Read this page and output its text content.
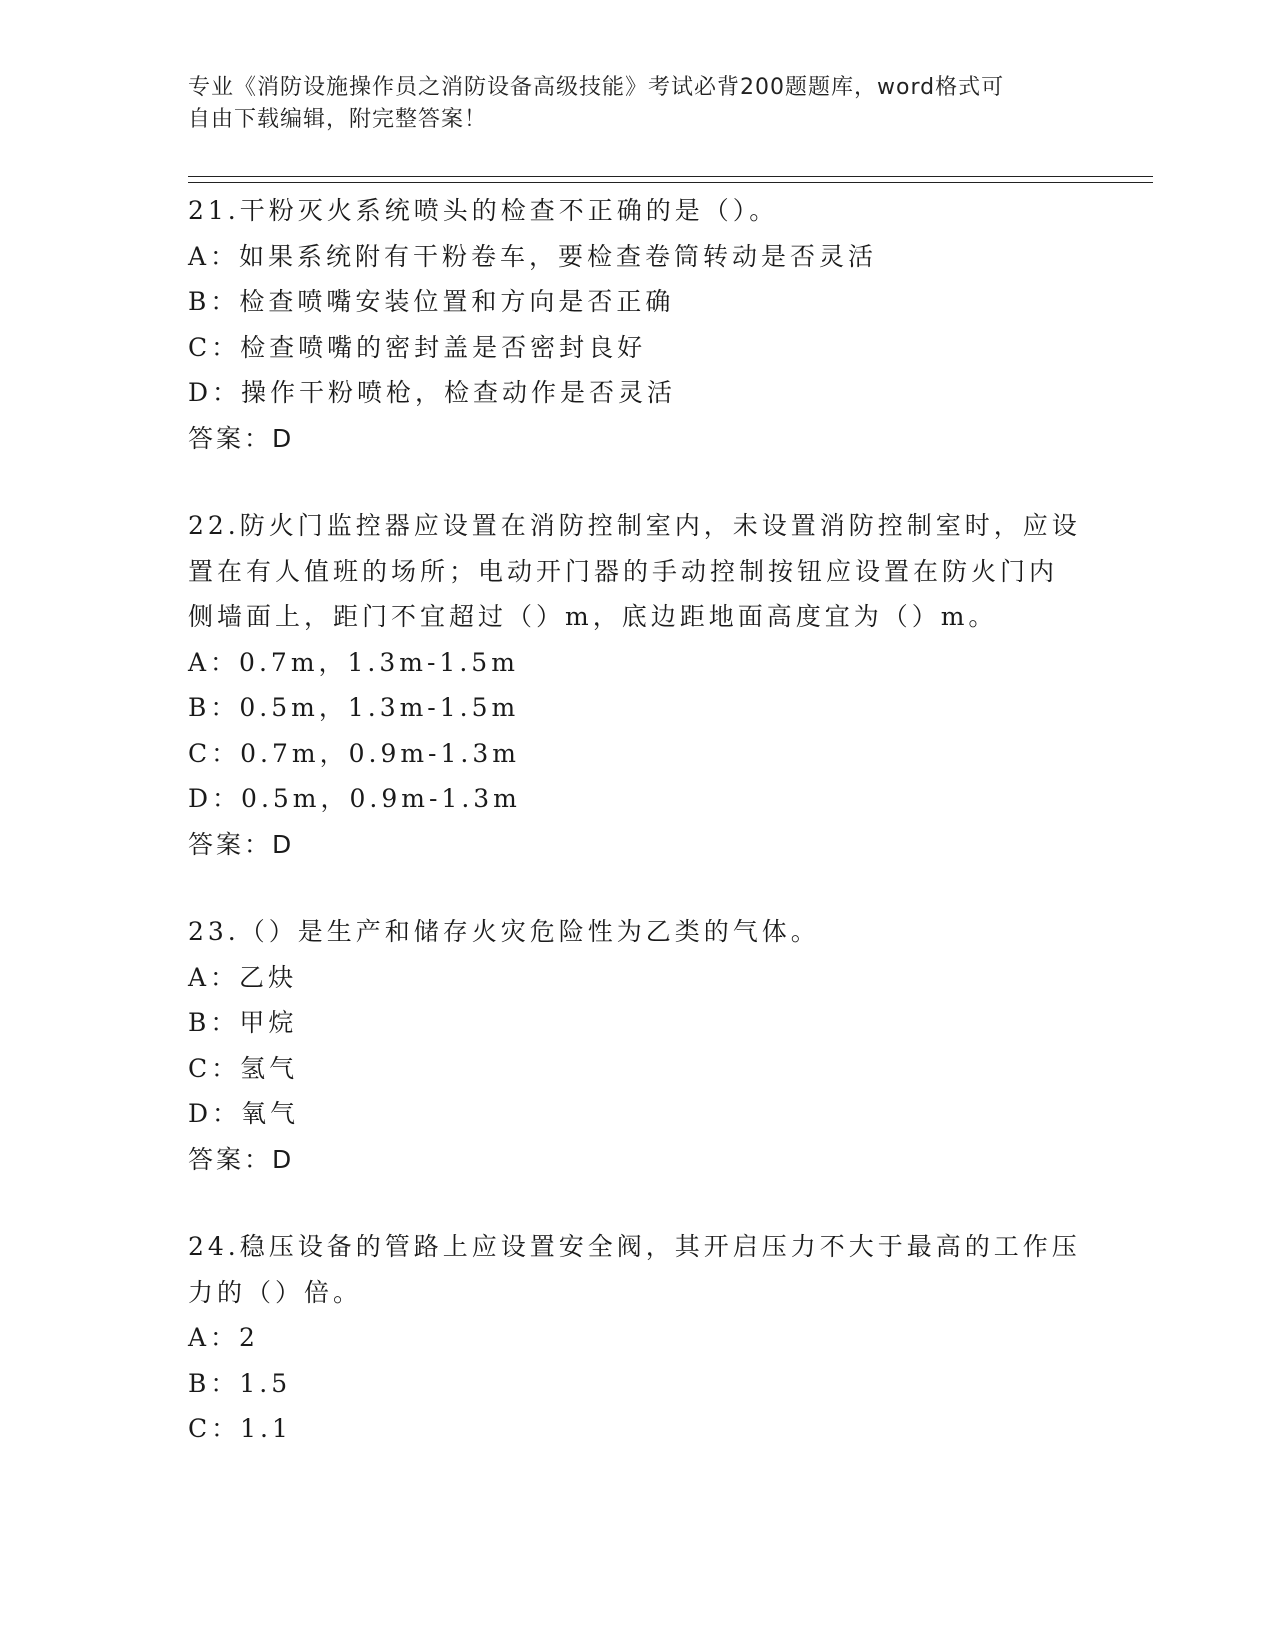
专业《消防设施操作员之消防设备高级技能》考试必背200题题库，word格式可
自由下载编辑，附完整答案！
21.干粉灭火系统喷头的检查不正确的是（）。
A：如果系统附有干粉卷车，要检查卷筒转动是否灵活
B：检查喷嘴安装位置和方向是否正确
C：检查喷嘴的密封盖是否密封良好
D：操作干粉喷枪，检查动作是否灵活
答案：D
22.防火门监控器应设置在消防控制室内，未设置消防控制室时，应设
置在有人值班的场所；电动开门器的手动控制按钮应设置在防火门内
侧墙面上，距门不宜超过（）m，底边距地面高度宜为（）m。
A：0.7m，1.3m-1.5m
B：0.5m，1.3m-1.5m
C：0.7m，0.9m-1.3m
D：0.5m，0.9m-1.3m
答案：D
23.（）是生产和储存火灾危险性为乙类的气体。
A：乙炔
B：甲烷
C：氢气
D：氧气
答案：D
24.稳压设备的管路上应设置安全阀，其开启压力不大于最高的工作压
力的（）倍。
A：2
B：1.5
C：1.1
